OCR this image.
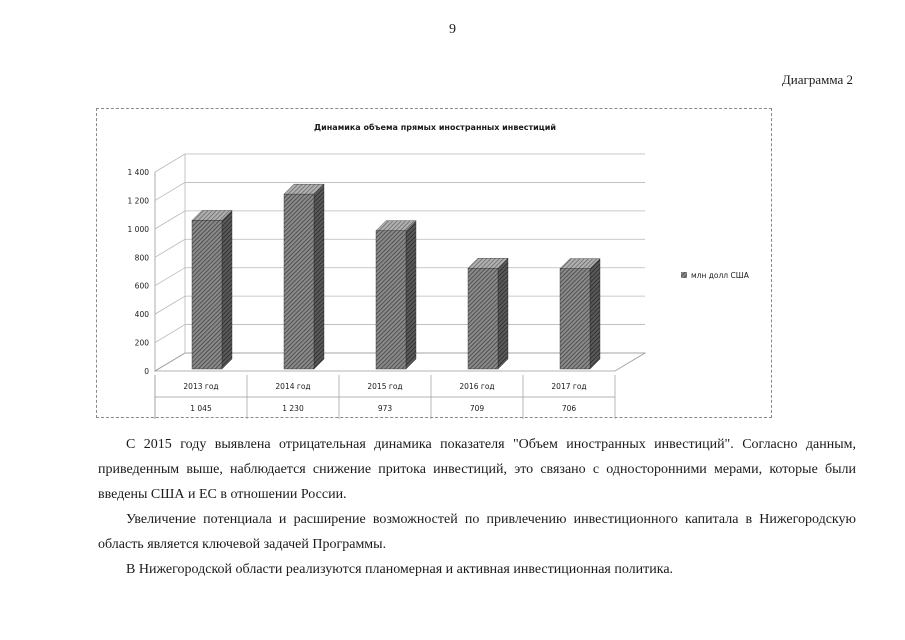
9
Диаграмма 2
Динамика объема прямых иностранных инвестиций
0
200
400
600
800
1 000
1 200
1 400
2013 год
1 045
2014 год
1 230
2015 год
973
2016 год
709
2017 год
706
млн долл США

С 2015 году выявлена отрицательная динамика показателя "Объем иностранных инвестиций". Согласно данным, приведенным выше, наблюдается снижение притока инвестиций, это связано с односторонними мерами, которые были введены США и ЕС в отношении России.

Увеличение потенциала и расширение возможностей по привлечению инвестиционного капитала в Нижегородскую область является ключевой задачей Программы.

В Нижегородской области реализуются планомерная и активная инвестиционная политика.
